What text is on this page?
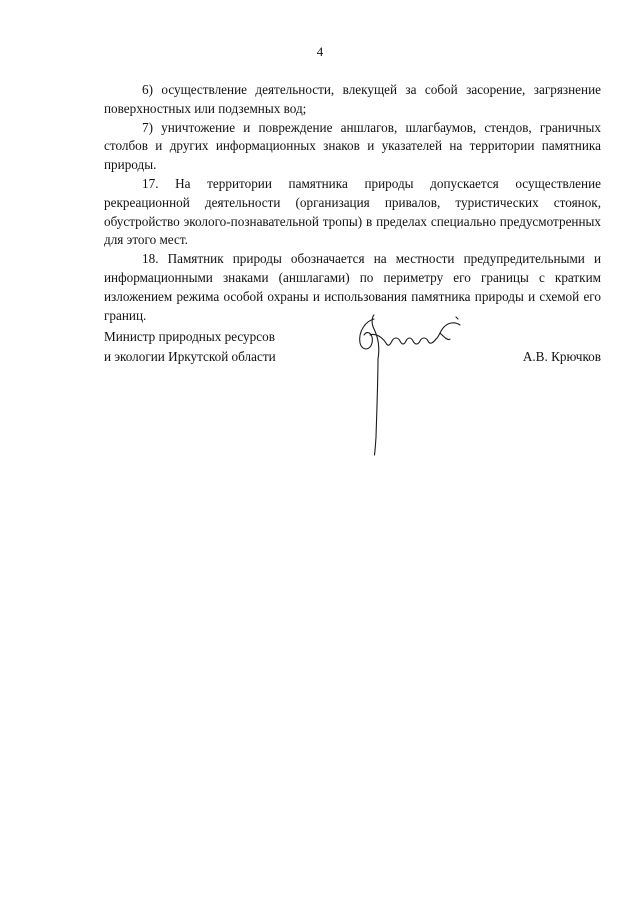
4

6) осуществление деятельности, влекущей за собой засорение, загрязнение поверхностных или подземных вод;

7) уничтожение и повреждение аншлагов, шлагбаумов, стендов, граничных столбов и других информационных знаков и указателей на территории памятника природы.

17. На территории памятника природы допускается осуществление рекреационной деятельности (организация привалов, туристических стоянок, обустройство эколого-познавательной тропы) в пределах специально предусмотренных для этого мест.

18. Памятник природы обозначается на местности предупредительными и информационными знаками (аншлагами) по периметру его границы с кратким изложением режима особой охраны и использования памятника природы и схемой его границ.

Министр природных ресурсов
и экологии Иркутской области	А.В. Крючков
